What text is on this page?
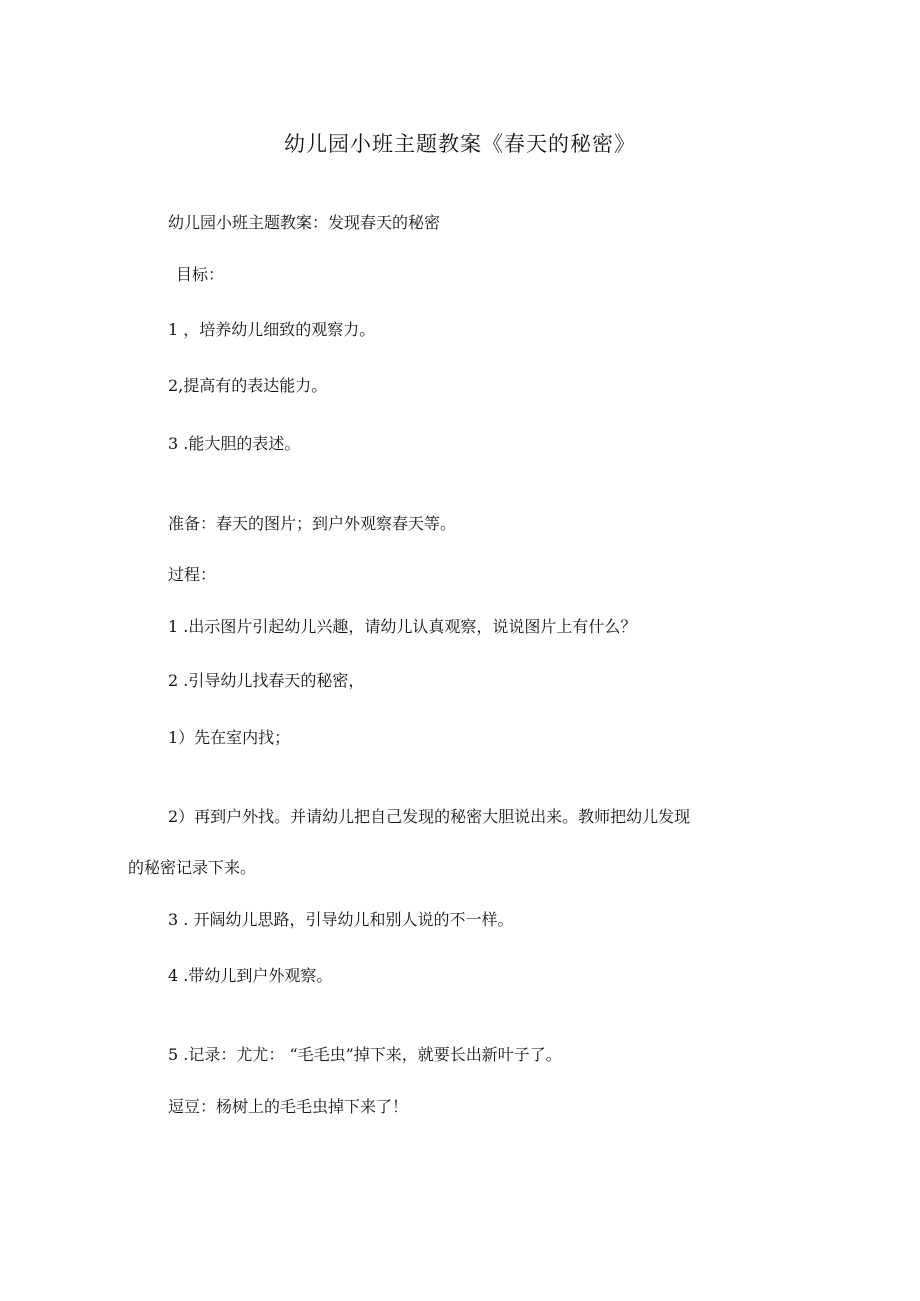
幼儿园小班主题教案《春天的秘密》
幼儿园小班主题教案：发现春天的秘密
目标：
1 ，培养幼儿细致的观察力。
2,提高有的表达能力。
3 .能大胆的表述。
准备：春天的图片；到户外观察春天等。
过程：
1 .出示图片引起幼儿兴趣，请幼儿认真观察，说说图片上有什么？
2 .引导幼儿找春天的秘密，
1）先在室内找；
2）再到户外找。并请幼儿把自己发现的秘密大胆说出来。教师把幼儿发现
的秘密记录下来。
3 . 开阔幼儿思路，引导幼儿和别人说的不一样。
4 .带幼儿到户外观察。
5 .记录：尤尤： “毛毛虫”掉下来，就要长出新叶子了。
逗豆：杨树上的毛毛虫掉下来了！
